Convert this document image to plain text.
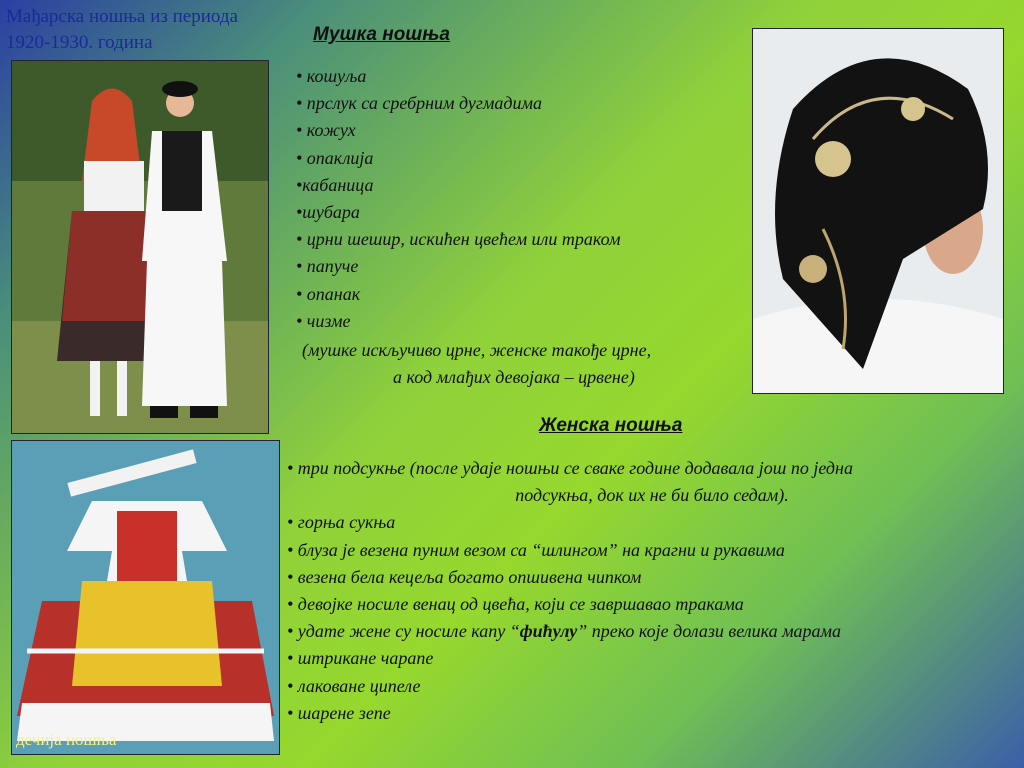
Мађарска ношња из периода
1920-1930. година
дечија ношња
Мушка ношња
• кошуља
• прслук са сребрним дугмадима
• кожух
• опаклија
•кабаница
•шубара
• црни шешир, искићен цвећем или траком
• папуче
• опанак
• чизме
(мушке искључиво црне, женске такође црне,
а код млађих девојака – црвене)
Женска ношња
• три подсукње (после удаје ношњи се сваке године додавала још по једна
подсукња, док их не би било седам).
• горња сукња
• блуза је везена пуним везом са “шлингом” на крагни и рукавима
• везена бела кецеља богато опшивена чипком
• девојке носиле венац од цвећа, који се завршавао тракама
• удате жене су носиле капу “фићулу” преко које долази велика марама
• штрикане чарапе
• лаковане ципеле
• шарене зепе
